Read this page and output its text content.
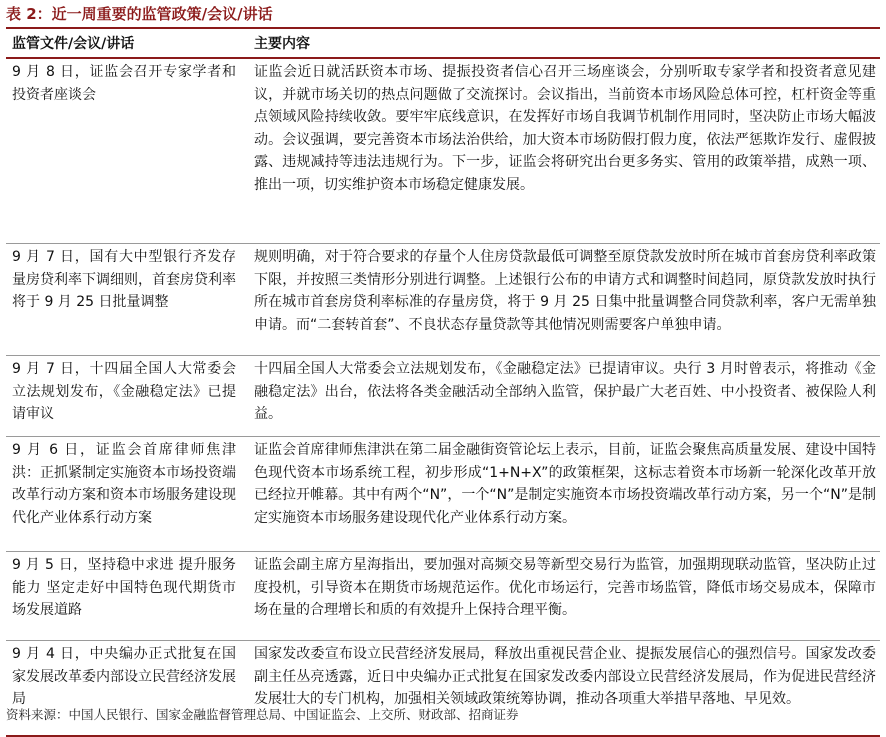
表 2：近一周重要的监管政策/会议/讲话
监管文件/会议/讲话	主要内容
9 月 8 日，证监会召开专家学者和投资者座谈会
证监会近日就活跃资本市场、提振投资者信心召开三场座谈会，分别听取专家学者和投资者意见建议，并就市场关切的热点问题做了交流探讨。会议指出，当前资本市场风险总体可控，杠杆资金等重点领域风险持续收敛。要牢牢底线意识，在发挥好市场自我调节机制作用同时，坚决防止市场大幅波动。会议强调，要完善资本市场法治供给，加大资本市场防假打假力度，依法严惩欺诈发行、虚假披露、违规减持等违法违规行为。下一步，证监会将研究出台更多务实、管用的政策举措，成熟一项、推出一项，切实维护资本市场稳定健康发展。
9 月 7 日，国有大中型银行齐发存量房贷利率下调细则，首套房贷利率将于 9 月 25 日批量调整
规则明确，对于符合要求的存量个人住房贷款最低可调整至原贷款发放时所在城市首套房贷利率政策下限，并按照三类情形分别进行调整。上述银行公布的申请方式和调整时间趋同，原贷款发放时执行所在城市首套房贷利率标准的存量房贷，将于 9 月 25 日集中批量调整合同贷款利率，客户无需单独申请。而“二套转首套”、不良状态存量贷款等其他情况则需要客户单独申请。
9 月 7 日，十四届全国人大常委会立法规划发布，《金融稳定法》已提请审议
十四届全国人大常委会立法规划发布，《金融稳定法》已提请审议。央行 3 月时曾表示，将推动《金融稳定法》出台，依法将各类金融活动全部纳入监管，保护最广大老百姓、中小投资者、被保险人利益。
9 月 6 日，证监会首席律师焦津洪：正抓紧制定实施资本市场投资端改革行动方案和资本市场服务建设现代化产业体系行动方案
证监会首席律师焦津洪在第二届金融街资管论坛上表示，目前，证监会聚焦高质量发展、建设中国特色现代资本市场系统工程，初步形成“1+N+X”的政策框架，这标志着资本市场新一轮深化改革开放已经拉开帷幕。其中有两个“N”，一个“N”是制定实施资本市场投资端改革行动方案，另一个“N”是制定实施资本市场服务建设现代化产业体系行动方案。
9 月 5 日，坚持稳中求进 提升服务能力 坚定走好中国特色现代期货市场发展道路
证监会副主席方星海指出，要加强对高频交易等新型交易行为监管，加强期现联动监管，坚决防止过度投机，引导资本在期货市场规范运作。优化市场运行，完善市场监管，降低市场交易成本，保障市场在量的合理增长和质的有效提升上保持合理平衡。
9 月 4 日，中央编办正式批复在国家发展改革委内部设立民营经济发展局
国家发改委宣布设立民营经济发展局，释放出重视民营企业、提振发展信心的强烈信号。国家发改委副主任丛亮透露，近日中央编办正式批复在国家发改委内部设立民营经济发展局，作为促进民营经济发展壮大的专门机构，加强相关领域政策统筹协调，推动各项重大举措早落地、早见效。
资料来源：中国人民银行、国家金融监督管理总局、中国证监会、上交所、财政部、招商证券
